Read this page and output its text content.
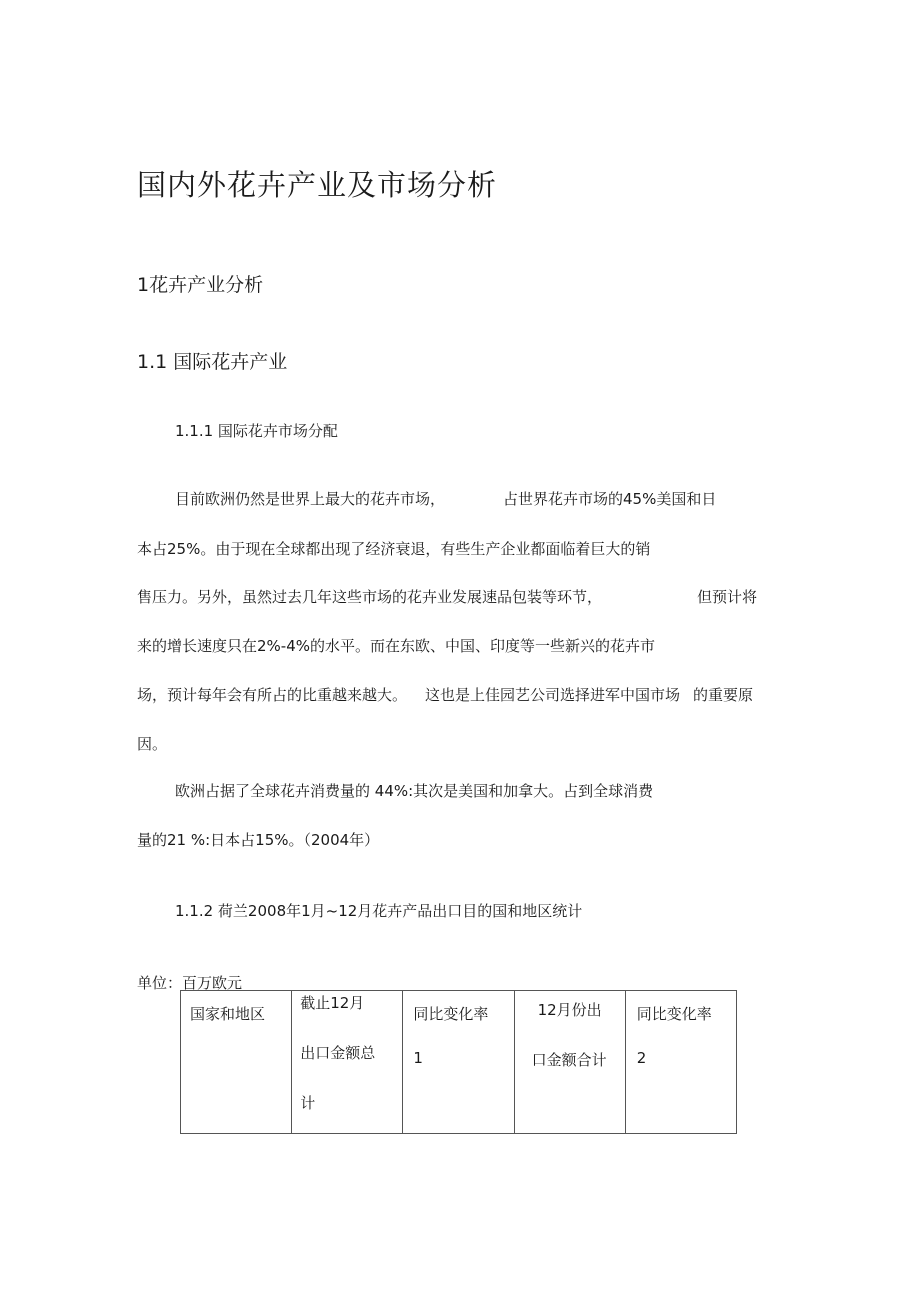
国内外花卉产业及市场分析
1花卉产业分析
1.1 国际花卉产业
1.1.1 国际花卉市场分配
目前欧洲仍然是世界上最大的花卉市场，	占世界花卉市场的45%美国和日
本占25%。由于现在全球都出现了经济衰退，有些生产企业都面临着巨大的销
售压力。另外，虽然过去几年这些市场的花卉业发展速品包装等环节，	但预计将
来的增长速度只在2%-4%的水平。而在东欧、中国、印度等一些新兴的花卉市
场，预计每年会有所占的比重越来越大。 这也是上佳园艺公司选择进军中国市场 的重要原
因。
欧洲占据了全球花卉消费量的 44%:其次是美国和加拿大。占到全球消费
量的21 %:日本占15%。（2004年）
1.1.2 荷兰2008年1月~12月花卉产品出口目的国和地区统计
单位：百万欧元
国家和地区

截止12月
出口金额总
计

同比变化率
1

12月份出
口金额合计

同比变化率
2
